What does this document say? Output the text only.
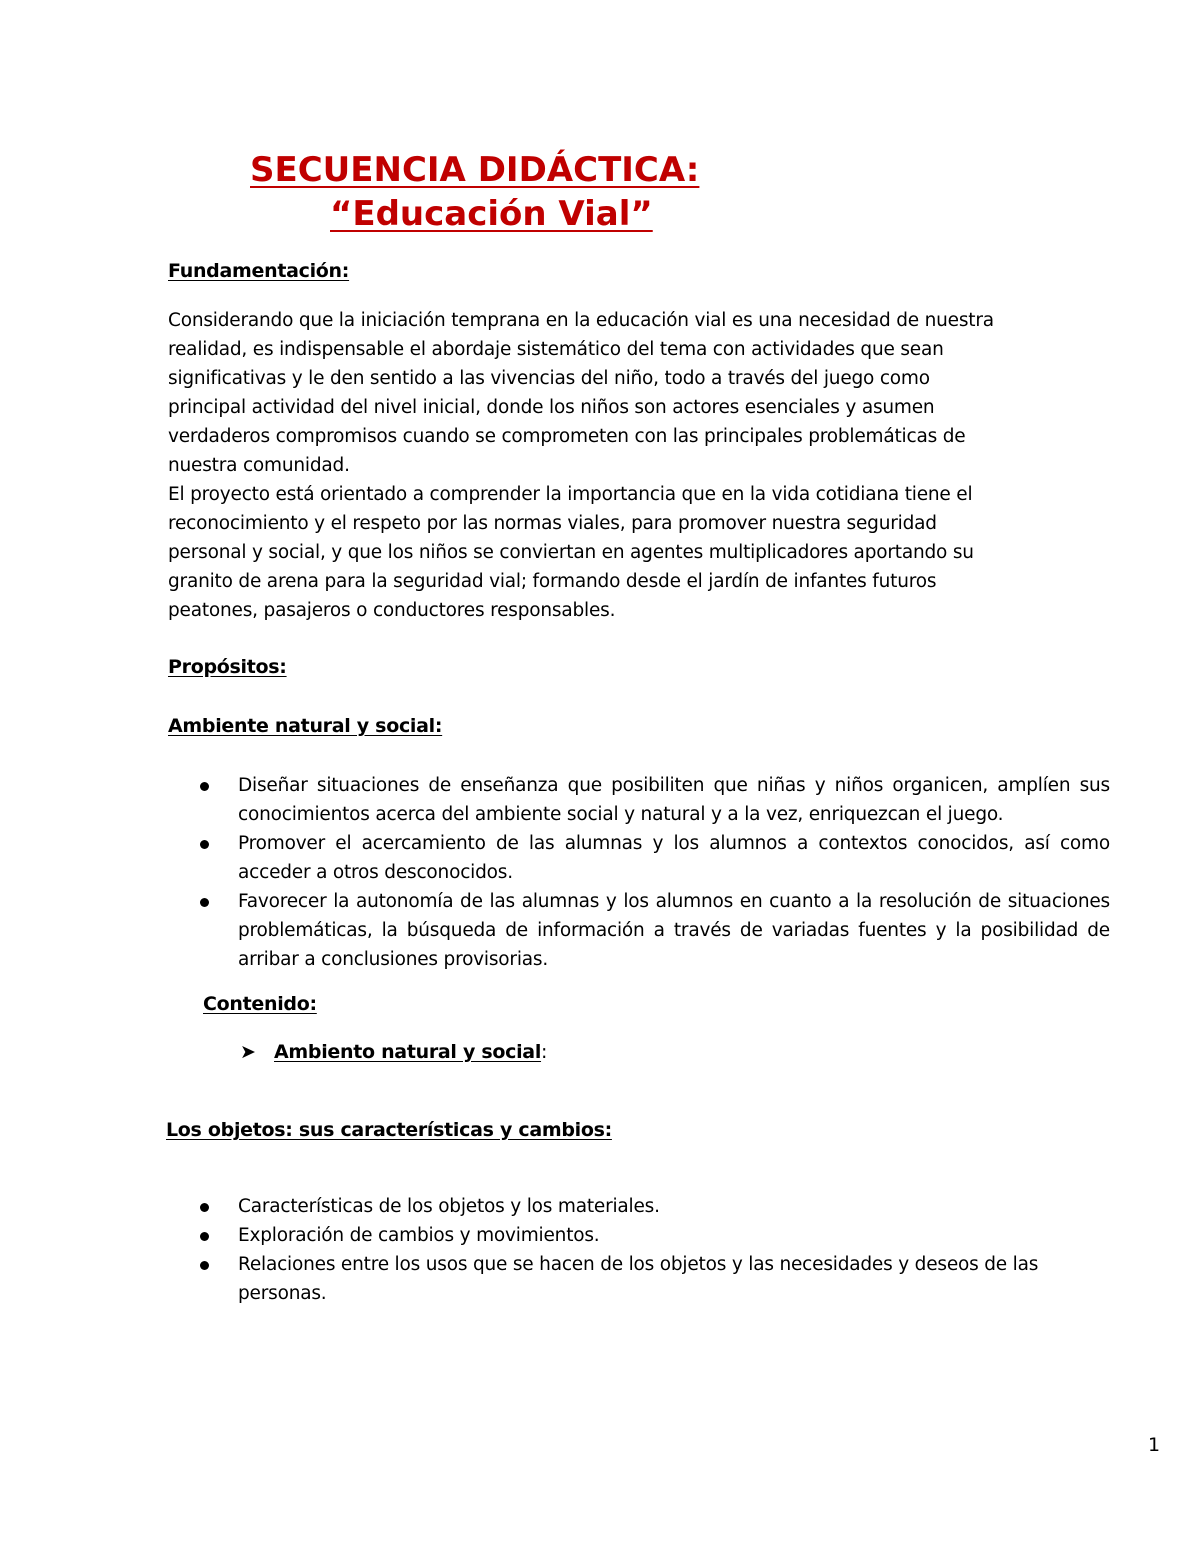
SECUENCIA DIDÁCTICA:
“Educación Vial”
Fundamentación:

Considerando que la iniciación temprana en la educación vial es una necesidad de nuestra

realidad, es indispensable el abordaje sistemático del tema con actividades que sean

significativas y le den sentido a las vivencias del niño, todo a través del juego como

principal actividad del nivel inicial, donde los niños son actores esenciales y asumen

verdaderos compromisos cuando se comprometen con las principales problemáticas de

nuestra comunidad.

El proyecto está orientado a comprender la importancia que en la vida cotidiana tiene el

reconocimiento y el respeto por las normas viales, para promover nuestra seguridad

personal y social, y que los niños se conviertan en agentes multiplicadores aportando su

granito de arena para la seguridad vial; formando desde el jardín de infantes futuros

peatones, pasajeros o conductores responsables.

Propósitos:
Ambiente natural y social:
Diseñar situaciones de enseñanza que posibiliten que niñas y niños organicen, amplíen sus conocimientos acerca del ambiente social y natural y a la vez, enriquezcan el juego.
Promover el acercamiento de las alumnas y los alumnos a contextos conocidos, así como acceder a otros desconocidos.
Favorecer la autonomía de las alumnas y los alumnos en cuanto a la resolución de situaciones problemáticas, la búsqueda de información a través de variadas fuentes y la posibilidad de arribar a conclusiones provisorias.
Contenido:
➤ Ambiento natural y social:
Los objetos: sus características y cambios:
Características de los objetos y los materiales.
Exploración de cambios y movimientos.
Relaciones entre los usos que se hacen de los objetos y las necesidades y deseos de las personas.
1
